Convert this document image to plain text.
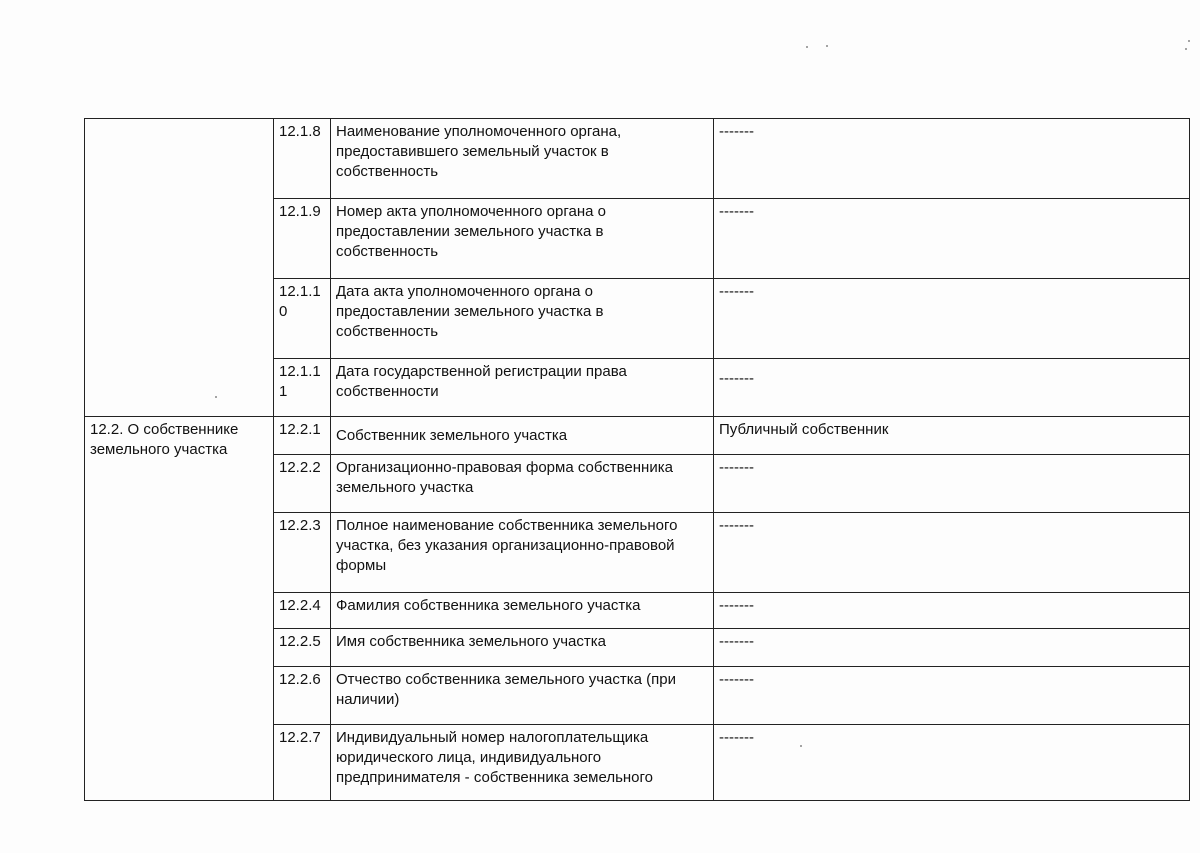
	12.1.8	Наименование уполномоченного органа, предоставившего земельный участок в собственность	-------
	12.1.9	Номер акта уполномоченного органа о предоставлении земельного участка в собственность	-------
	12.1.10	Дата акта уполномоченного органа о предоставлении земельного участка в собственность	-------
	12.1.11	Дата государственной регистрации права собственности	-------
12.2. О собственнике земельного участка	12.2.1	Собственник земельного участка	Публичный собственник
	12.2.2	Организационно-правовая форма собственника земельного участка	-------
	12.2.3	Полное наименование собственника земельного участка, без указания организационно-правовой формы	-------
	12.2.4	Фамилия собственника земельного участка	-------
	12.2.5	Имя собственника земельного участка	-------
	12.2.6	Отчество собственника земельного участка (при наличии)	-------
	12.2.7	Индивидуальный номер налогоплательщика юридического лица, индивидуального предпринимателя - собственника земельного	-------
